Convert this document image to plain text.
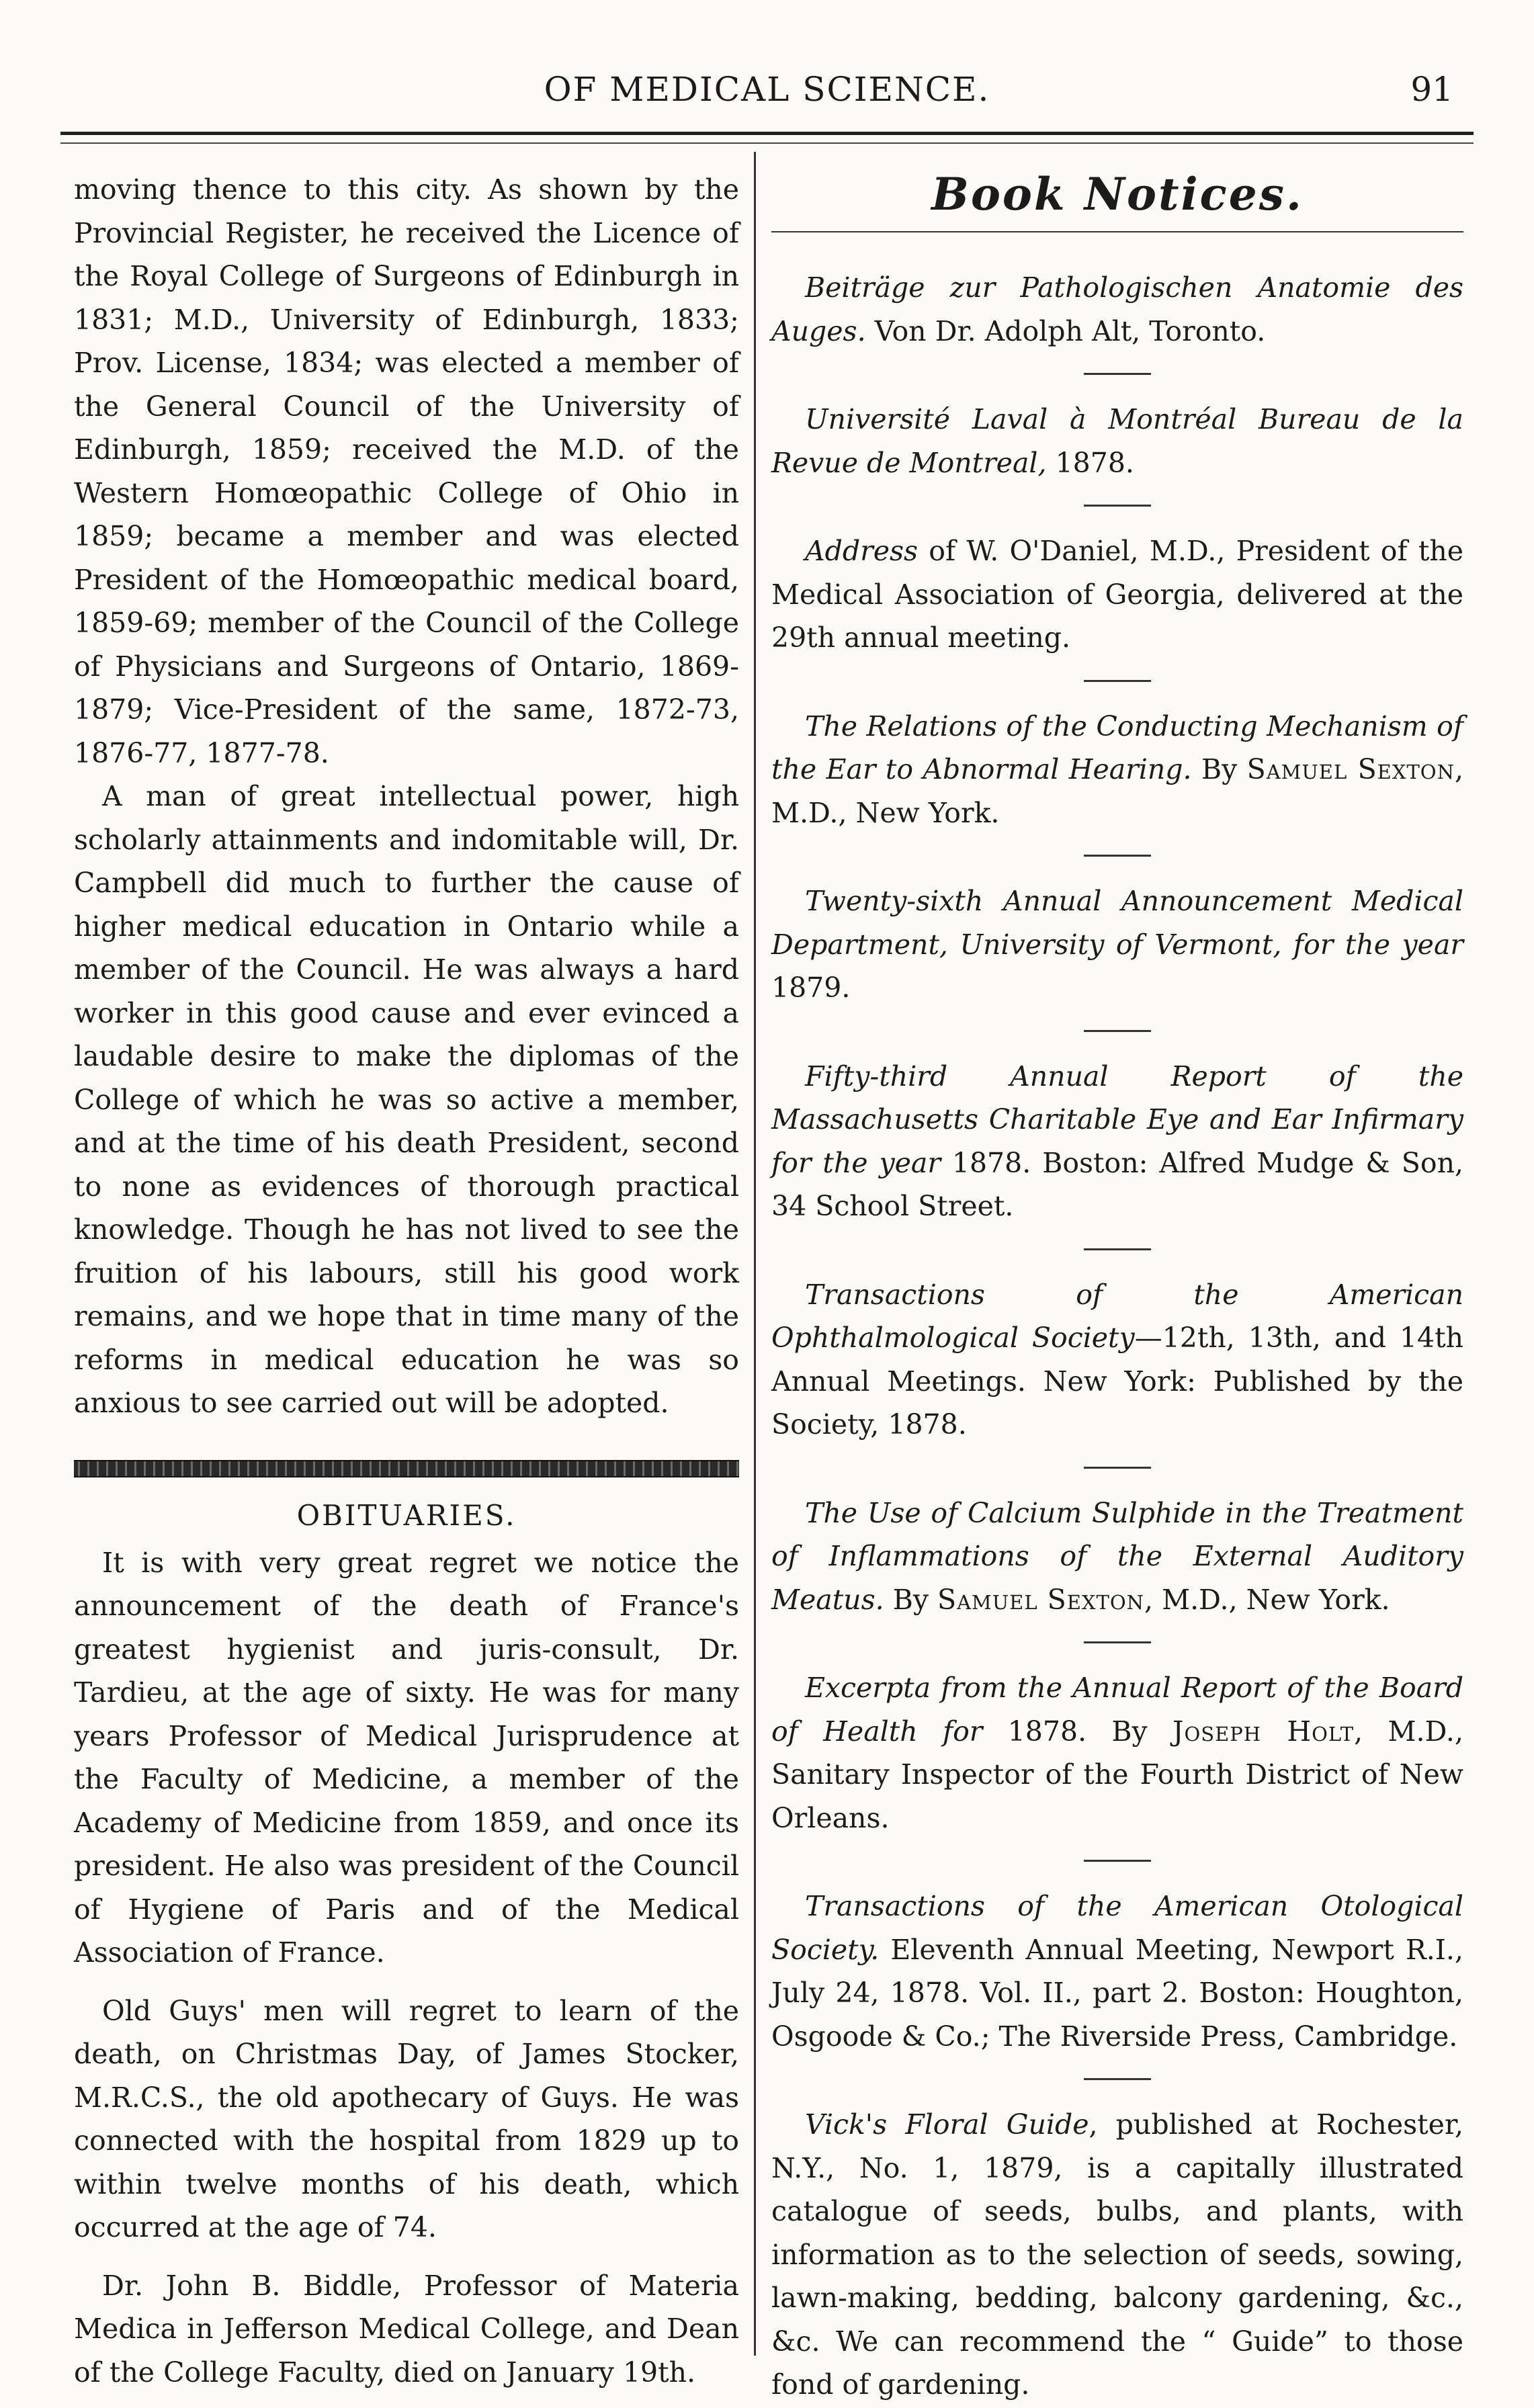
OF MEDICAL SCIENCE.	91

moving thence to this city. As shown by the Provincial Register, he received the Licence of the Royal College of Surgeons of Edinburgh in 1831; M.D., University of Edinburgh, 1833; Prov. License, 1834; was elected a member of the General Council of the University of Edinburgh, 1859; received the M.D. of the Western Homœopathic College of Ohio in 1859; became a member and was elected President of the Homœopathic medical board, 1859-69; member of the Council of the College of Physicians and Surgeons of Ontario, 1869-1879; Vice-President of the same, 1872-73, 1876-77, 1877-78.

A man of great intellectual power, high scholarly attainments and indomitable will, Dr. Campbell did much to further the cause of higher medical education in Ontario while a member of the Council. He was always a hard worker in this good cause and ever evinced a laudable desire to make the diplomas of the College of which he was so active a member, and at the time of his death President, second to none as evidences of thorough practical knowledge. Though he has not lived to see the fruition of his labours, still his good work remains, and we hope that in time many of the reforms in medical education he was so anxious to see carried out will be adopted.

OBITUARIES.

It is with very great regret we notice the announcement of the death of France's greatest hygienist and juris-consult, Dr. Tardieu, at the age of sixty. He was for many years Professor of Medical Jurisprudence at the Faculty of Medicine, a member of the Academy of Medicine from 1859, and once its president. He also was president of the Council of Hygiene of Paris and of the Medical Association of France.

Old Guys' men will regret to learn of the death, on Christmas Day, of James Stocker, M.R.C.S., the old apothecary of Guys. He was connected with the hospital from 1829 up to within twelve months of his death, which occurred at the age of 74.

Dr. John B. Biddle, Professor of Materia Medica in Jefferson Medical College, and Dean of the College Faculty, died on January 19th.

Book Notices.

Beiträge zur Pathologischen Anatomie des Auges. Von Dr. Adolph Alt, Toronto.

Université Laval à Montréal Bureau de la Revue de Montreal, 1878.

Address of W. O'Daniel, M.D., President of the Medical Association of Georgia, delivered at the 29th annual meeting.

The Relations of the Conducting Mechanism of the Ear to Abnormal Hearing. By Samuel Sexton, M.D., New York.

Twenty-sixth Annual Announcement Medical Department, University of Vermont, for the year 1879.

Fifty-third Annual Report of the Massachusetts Charitable Eye and Ear Infirmary for the year 1878. Boston: Alfred Mudge & Son, 34 School Street.

Transactions of the American Ophthalmological Society—12th, 13th, and 14th Annual Meetings. New York: Published by the Society, 1878.

The Use of Calcium Sulphide in the Treatment of Inflammations of the External Auditory Meatus. By Samuel Sexton, M.D., New York.

Excerpta from the Annual Report of the Board of Health for 1878. By Joseph Holt, M.D., Sanitary Inspector of the Fourth District of New Orleans.

Transactions of the American Otological Society. Eleventh Annual Meeting, Newport R.I., July 24, 1878. Vol. II., part 2. Boston: Houghton, Osgoode & Co.; The Riverside Press, Cambridge.

Vick's Floral Guide, published at Rochester, N.Y., No. 1, 1879, is a capitally illustrated catalogue of seeds, bulbs, and plants, with information as to the selection of seeds, sowing, lawn-making, bedding, balcony gardening, &c., &c. We can recommend the “ Guide” to those fond of gardening.
